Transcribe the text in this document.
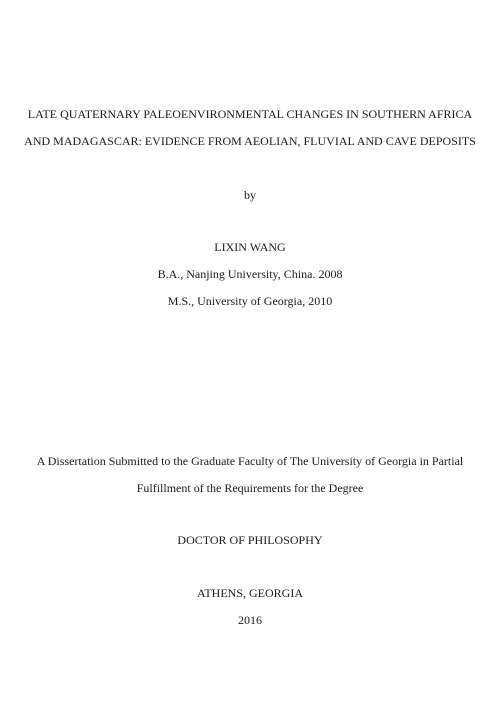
LATE QUATERNARY PALEOENVIRONMENTAL CHANGES IN SOUTHERN AFRICA
AND MADAGASCAR: EVIDENCE FROM AEOLIAN, FLUVIAL AND CAVE DEPOSITS
by
LIXIN WANG
B.A., Nanjing University, China. 2008
M.S., University of Georgia, 2010
A Dissertation Submitted to the Graduate Faculty of The University of Georgia in Partial
Fulfillment of the Requirements for the Degree
DOCTOR OF PHILOSOPHY
ATHENS, GEORGIA
2016
